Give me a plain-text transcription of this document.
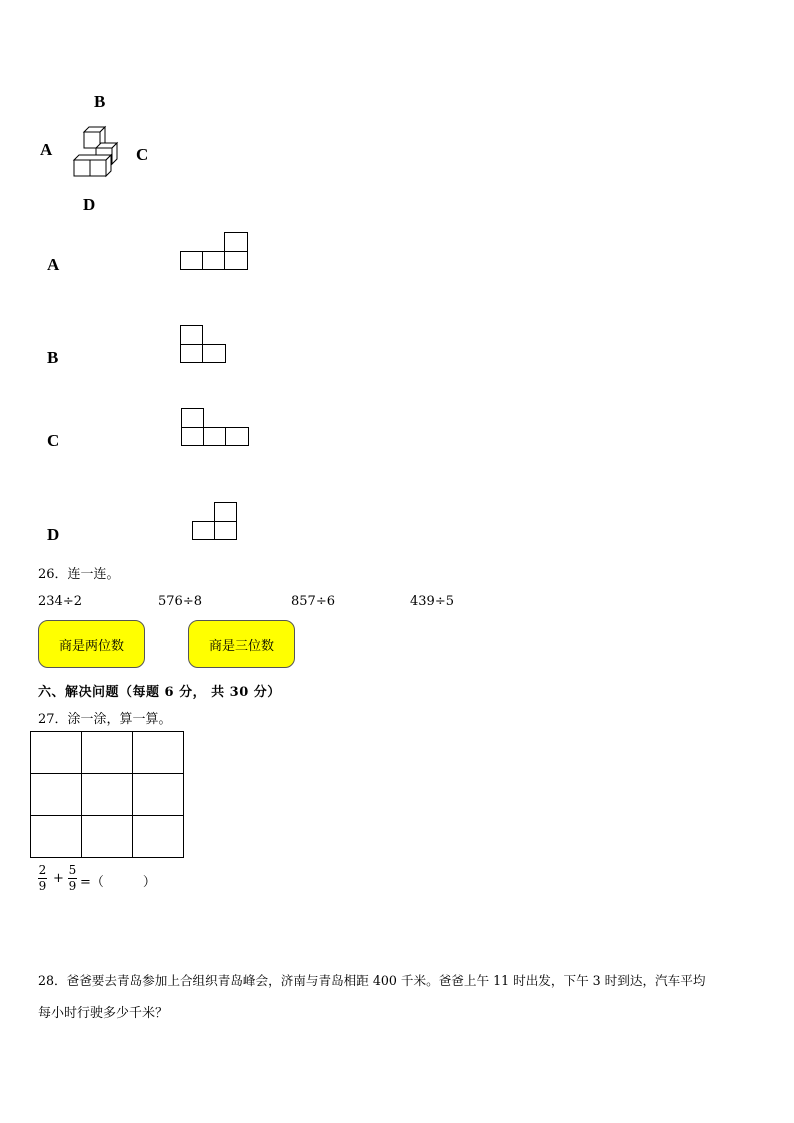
B
A	C
D
A
B
C
D
26．连一连。
234÷2	576÷8	857÷6	439÷5
商是两位数	商是三位数
六、解决问题（每题 6 分， 共 30 分）
27．涂一涂，算一算。

2
9 +
5
9 =（　　　）
28．爸爸要去青岛参加上合组织青岛峰会，济南与青岛相距 400 千米。爸爸上午 11 时出发，下午 3 时到达，汽车平均
每小时行驶多少千米？
